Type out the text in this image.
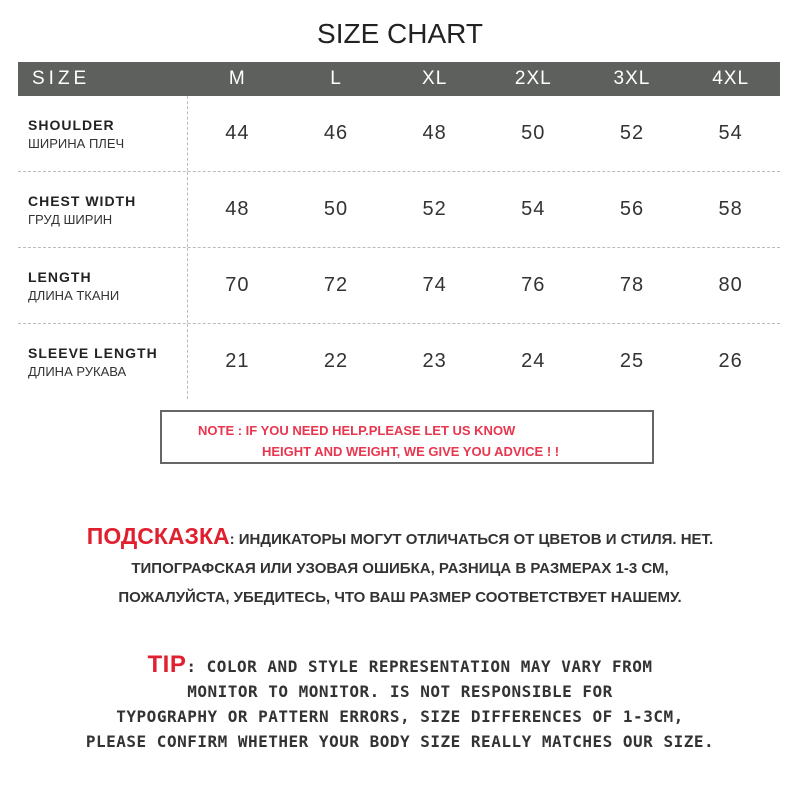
SIZE CHART
SIZE	M	L	XL	2XL	3XL	4XL
SHOULDER
ШИРИНА ПЛЕЧ	44	46	48	50	52	54
CHEST WIDTH
ГРУД ШИРИН	48	50	52	54	56	58
LENGTH
ДЛИНА ТКАНИ	70	72	74	76	78	80
SLEEVE LENGTH
ДЛИНА РУКАВА	21	22	23	24	25	26
NOTE : IF YOU NEED HELP.PLEASE LET US KNOW
HEIGHT AND WEIGHT, WE GIVE YOU ADVICE ! !
ПОДСКАЗКА: ИНДИКАТОРЫ МОГУТ ОТЛИЧАТЬСЯ ОТ ЦВЕТОВ И СТИЛЯ. НЕТ.
ТИПОГРАФСКАЯ ИЛИ УЗОВАЯ ОШИБКА, РАЗНИЦА В РАЗМЕРАХ 1-3 СМ,
ПОЖАЛУЙСТА, УБЕДИТЕСЬ, ЧТО ВАШ РАЗМЕР СООТВЕТСТВУЕТ НАШЕМУ.
TIP: COLOR AND STYLE REPRESENTATION MAY VARY FROM
MONITOR TO MONITOR. IS NOT RESPONSIBLE FOR
TYPOGRAPHY OR PATTERN ERRORS, SIZE DIFFERENCES OF 1-3CM,
PLEASE CONFIRM WHETHER YOUR BODY SIZE REALLY MATCHES OUR SIZE.
